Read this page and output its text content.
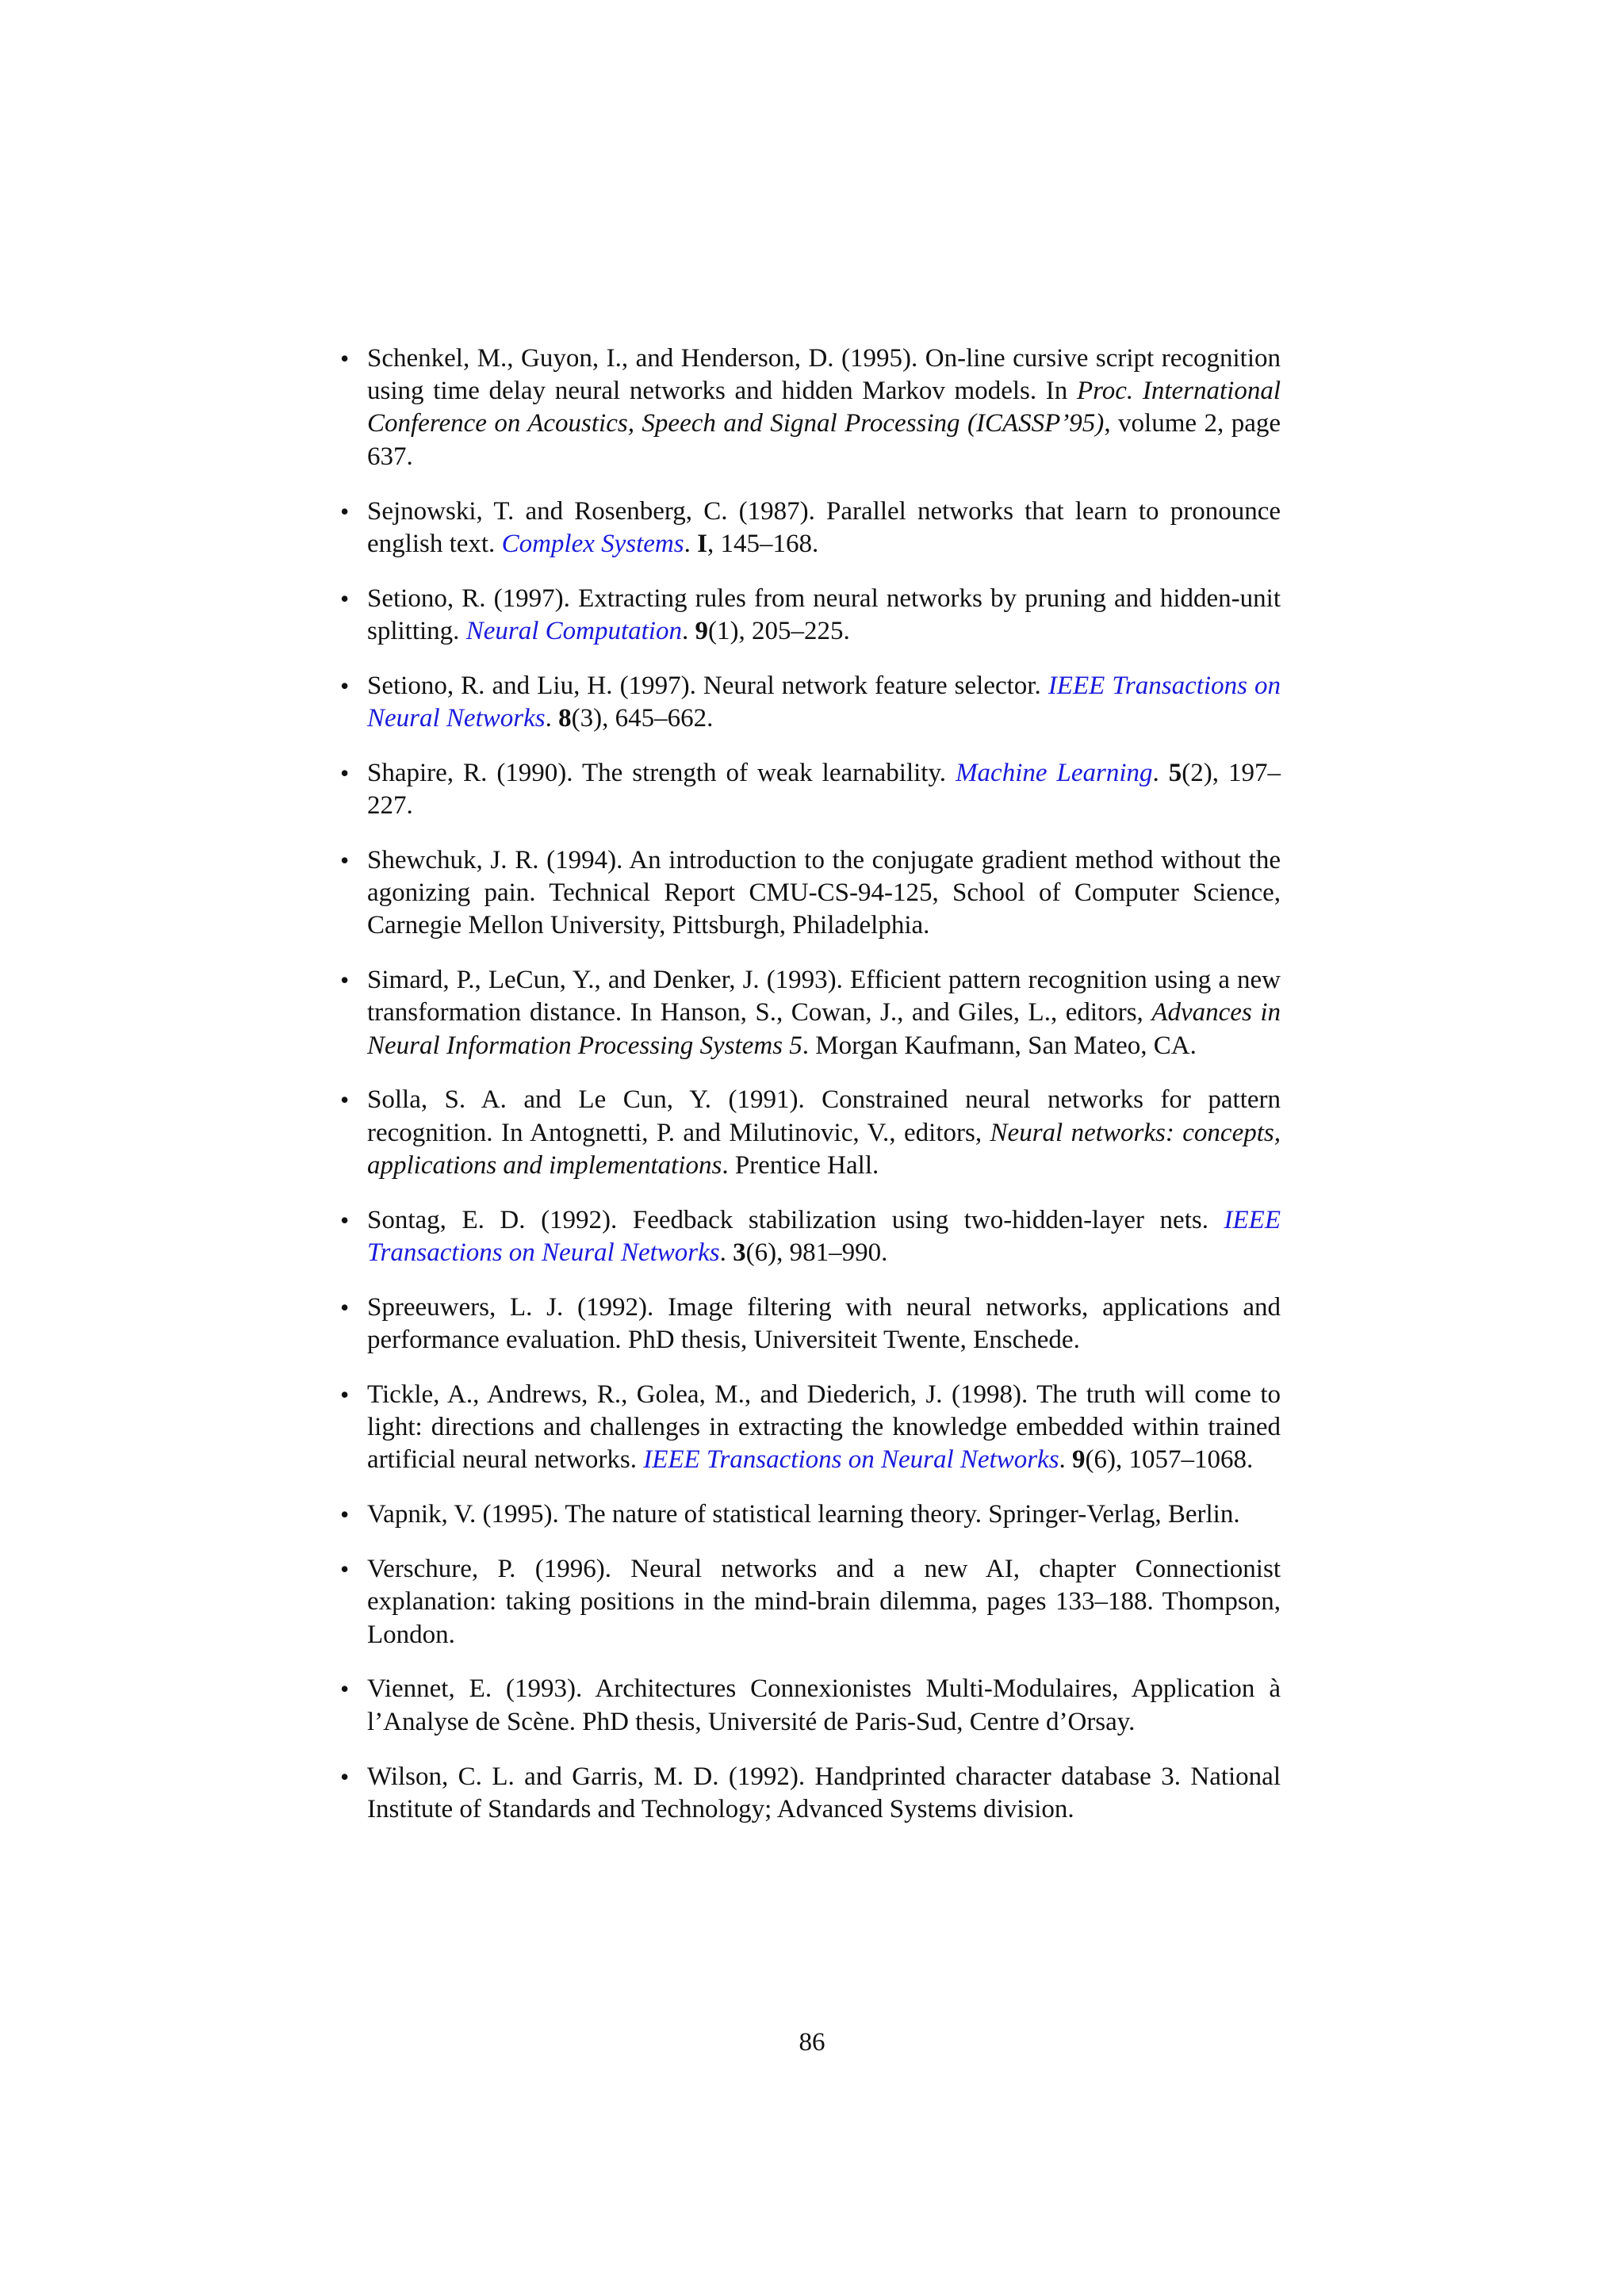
• Schenkel, M., Guyon, I., and Henderson, D. (1995). On-line cursive script recognition using time delay neural networks and hidden Markov models. In Proc. International Conference on Acoustics, Speech and Signal Processing (ICASSP’95), volume 2, page 637.
• Sejnowski, T. and Rosenberg, C. (1987). Parallel networks that learn to pronounce english text. Complex Systems. I, 145–168.
• Setiono, R. (1997). Extracting rules from neural networks by pruning and hidden-unit splitting. Neural Computation. 9(1), 205–225.
• Setiono, R. and Liu, H. (1997). Neural network feature selector. IEEE Transactions on Neural Networks. 8(3), 645–662.
• Shapire, R. (1990). The strength of weak learnability. Machine Learning. 5(2), 197–227.
• Shewchuk, J. R. (1994). An introduction to the conjugate gradient method without the agonizing pain. Technical Report CMU-CS-94-125, School of Computer Science, Carnegie Mellon University, Pittsburgh, Philadelphia.
• Simard, P., LeCun, Y., and Denker, J. (1993). Efficient pattern recognition using a new transformation distance. In Hanson, S., Cowan, J., and Giles, L., editors, Advances in Neural Information Processing Systems 5. Morgan Kaufmann, San Mateo, CA.
• Solla, S. A. and Le Cun, Y. (1991). Constrained neural networks for pattern recognition. In Antognetti, P. and Milutinovic, V., editors, Neural networks: concepts, applications and implementations. Prentice Hall.
• Sontag, E. D. (1992). Feedback stabilization using two-hidden-layer nets. IEEE Transactions on Neural Networks. 3(6), 981–990.
• Spreeuwers, L. J. (1992). Image filtering with neural networks, applications and performance evaluation. PhD thesis, Universiteit Twente, Enschede.
• Tickle, A., Andrews, R., Golea, M., and Diederich, J. (1998). The truth will come to light: directions and challenges in extracting the knowledge embedded within trained artificial neural networks. IEEE Transactions on Neural Networks. 9(6), 1057–1068.
• Vapnik, V. (1995). The nature of statistical learning theory. Springer-Verlag, Berlin.
• Verschure, P. (1996). Neural networks and a new AI, chapter Connectionist explanation: taking positions in the mind-brain dilemma, pages 133–188. Thompson, London.
• Viennet, E. (1993). Architectures Connexionistes Multi-Modulaires, Application à l’Analyse de Scène. PhD thesis, Université de Paris-Sud, Centre d’Orsay.
• Wilson, C. L. and Garris, M. D. (1992). Handprinted character database 3. National Institute of Standards and Technology; Advanced Systems division.
86
